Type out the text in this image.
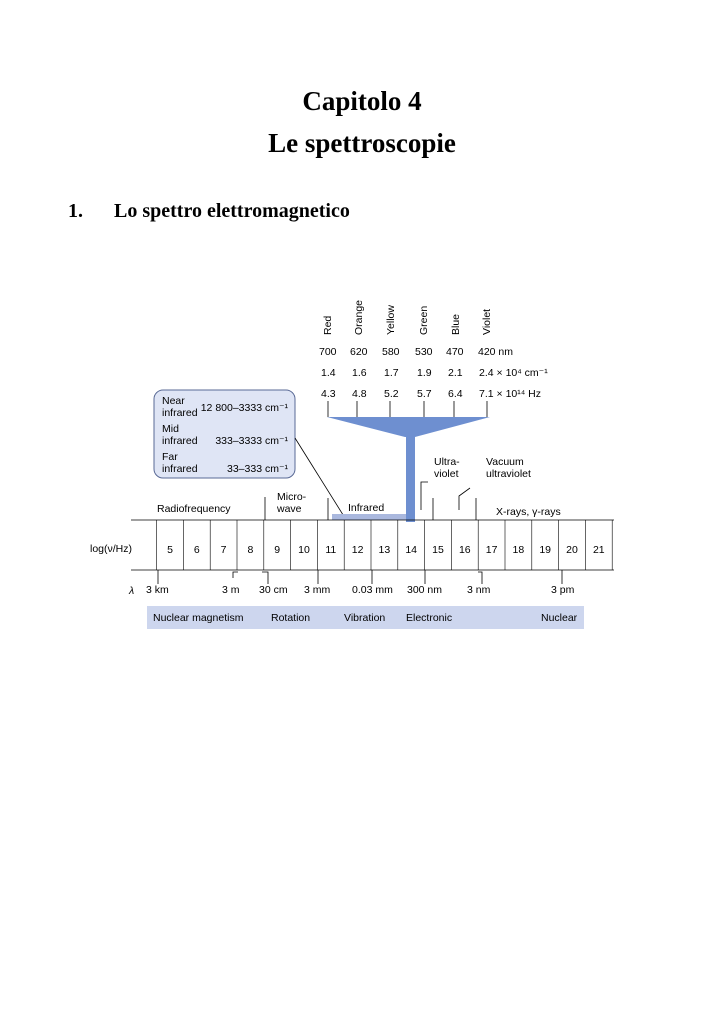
Capitolo 4
Le spettroscopie
1. Lo spettro elettromagnetico
Near
infrared 12 800–3333 cm⁻¹
Mid
infrared 333–3333 cm⁻¹
Far
infrared	33–333 cm⁻¹
Red Orange Yellow Green Blue Violet
700 620 580 530 470 420 nm
1.4 1.6 1.7 1.9 2.1 2.4 × 10⁴ cm⁻¹
4.3 4.8 5.2 5.7 6.4 7.1 × 10¹⁴ Hz
Ultra-
violet
Vacuum
ultraviolet
Radiofrequency
Micro-
wave	Infrared	X-rays, γ-rays
log(ν/Hz)	5 6 7 8 9 10 11 12 13 14 15 16 17 18 19 20 21
λ 3 km	3 m 30 cm 3 mm 0.03 mm 300 nm 3 nm	3 pm
Nuclear magnetism	Rotation	Vibration Electronic	Nuclear
